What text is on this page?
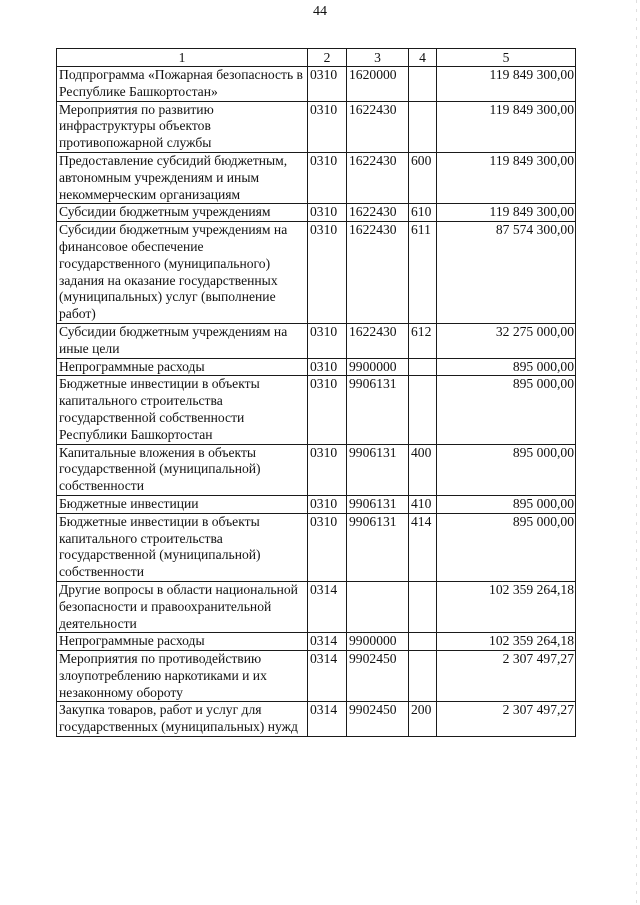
44
1	2	3	4	5
Подпрограмма «Пожарная безопасность в Республике Башкортостан»	0310	1620000		119 849 300,00
Мероприятия по развитию инфраструктуры объектов противопожарной службы	0310	1622430		119 849 300,00
Предоставление субсидий бюджетным, автономным учреждениям и иным некоммерческим организациям	0310	1622430	600	119 849 300,00
Субсидии бюджетным учреждениям	0310	1622430	610	119 849 300,00
Субсидии бюджетным учреждениям на финансовое обеспечение государственного (муниципального) задания на оказание государственных (муниципальных) услуг (выполнение работ)	0310	1622430	611	87 574 300,00
Субсидии бюджетным учреждениям на иные цели	0310	1622430	612	32 275 000,00
Непрограммные расходы	0310	9900000		895 000,00
Бюджетные инвестиции в объекты капитального строительства государственной собственности Республики Башкортостан	0310	9906131		895 000,00
Капитальные вложения в объекты государственной (муниципальной) собственности	0310	9906131	400	895 000,00
Бюджетные инвестиции	0310	9906131	410	895 000,00
Бюджетные инвестиции в объекты капитального строительства государственной (муниципальной) собственности	0310	9906131	414	895 000,00
Другие вопросы в области национальной безопасности и правоохранительной деятельности	0314			102 359 264,18
Непрограммные расходы	0314	9900000		102 359 264,18
Мероприятия по противодействию злоупотреблению наркотиками и их незаконному обороту	0314	9902450		2 307 497,27
Закупка товаров, работ и услуг для государственных (муниципальных) нужд	0314	9902450	200	2 307 497,27
